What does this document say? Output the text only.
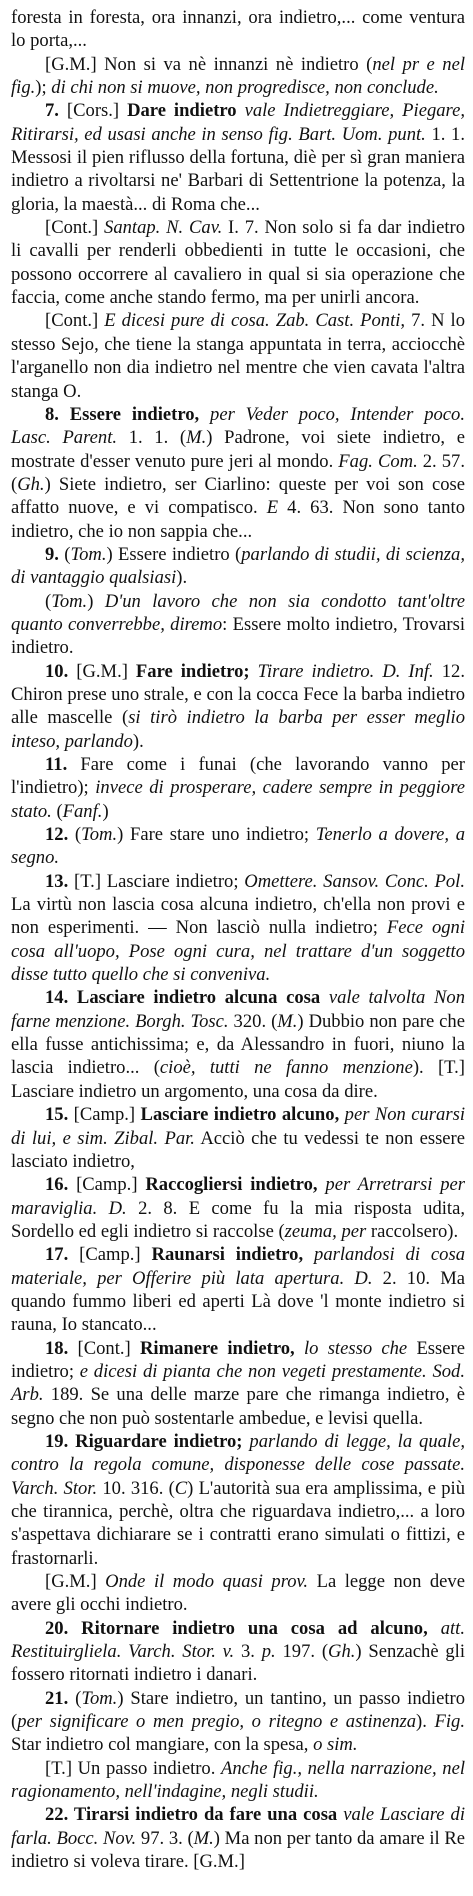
foresta in foresta, ora innanzi, ora indietro,... come ventura lo porta,...

[G.M.] Non si va nè innanzi nè indietro (nel pr e nel fig.); di chi non si muove, non progredisce, non conclude.

7. [Cors.] Dare indietro vale Indietreggiare, Piegare, Ritirarsi, ed usasi anche in senso fig. Bart. Uom. punt. 1. 1. Messosi il pien riflusso della fortuna, diè per sì gran maniera indietro a rivoltarsi ne' Barbari di Settentrione la potenza, la gloria, la maestà... di Roma che...

[Cont.] Santap. N. Cav. I. 7. Non solo si fa dar indietro li cavalli per renderli obbedienti in tutte le occasioni, che possono occorrere al cavaliero in qual si sia operazione che faccia, come anche stando fermo, ma per unirli ancora.

[Cont.] E dicesi pure di cosa. Zab. Cast. Ponti, 7. N lo stesso Sejo, che tiene la stanga appuntata in terra, acciocchè l'arganello non dia indietro nel mentre che vien cavata l'altra stanga O.

8. Essere indietro, per Veder poco, Intender poco. Lasc. Parent. 1. 1. (M.) Padrone, voi siete indietro, e mostrate d'esser venuto pure jeri al mondo. Fag. Com. 2. 57. (Gh.) Siete indietro, ser Ciarlino: queste per voi son cose affatto nuove, e vi compatisco. E 4. 63. Non sono tanto indietro, che io non sappia che...

9. (Tom.) Essere indietro (parlando di studii, di scienza, di vantaggio qualsiasi).

(Tom.) D'un lavoro che non sia condotto tant'oltre quanto converrebbe, diremo: Essere molto indietro, Trovarsi indietro.

10. [G.M.] Fare indietro; Tirare indietro. D. Inf. 12. Chiron prese uno strale, e con la cocca Fece la barba indietro alle mascelle (si tirò indietro la barba per esser meglio inteso, parlando).

11. Fare come i funai (che lavorando vanno per l'indietro); invece di prosperare, cadere sempre in peggiore stato. (Fanf.)

12. (Tom.) Fare stare uno indietro; Tenerlo a dovere, a segno.

13. [T.] Lasciare indietro; Omettere. Sansov. Conc. Pol. La virtù non lascia cosa alcuna indietro, ch'ella non provi e non esperimenti. — Non lasciò nulla indietro; Fece ogni cosa all'uopo, Pose ogni cura, nel trattare d'un soggetto disse tutto quello che si conveniva.

14. Lasciare indietro alcuna cosa vale talvolta Non farne menzione. Borgh. Tosc. 320. (M.) Dubbio non pare che ella fusse antichissima; e, da Alessandro in fuori, niuno la lascia indietro... (cioè, tutti ne fanno menzione). [T.] Lasciare indietro un argomento, una cosa da dire.

15. [Camp.] Lasciare indietro alcuno, per Non curarsi di lui, e sim. Zibal. Par. Acciò che tu vedessi te non essere lasciato indietro,

16. [Camp.] Raccogliersi indietro, per Arretrarsi per maraviglia. D. 2. 8. E come fu la mia risposta udita, Sordello ed egli indietro si raccolse (zeuma, per raccolsero).

17. [Camp.] Raunarsi indietro, parlandosi di cosa materiale, per Offerire più lata apertura. D. 2. 10. Ma quando fummo liberi ed aperti Là dove 'l monte indietro si rauna, Io stancato...

18. [Cont.] Rimanere indietro, lo stesso che Essere indietro; e dicesi di pianta che non vegeti prestamente. Sod. Arb. 189. Se una delle marze pare che rimanga indietro, è segno che non può sostentarle ambedue, e levisi quella.

19. Riguardare indietro; parlando di legge, la quale, contro la regola comune, disponesse delle cose passate. Varch. Stor. 10. 316. (C) L'autorità sua era amplissima, e più che tirannica, perchè, oltra che riguardava indietro,... a loro s'aspettava dichiarare se i contratti erano simulati o fittizi, e frastornarli.

[G.M.] Onde il modo quasi prov. La legge non deve avere gli occhi indietro.

20. Ritornare indietro una cosa ad alcuno, att. Restituirgliela. Varch. Stor. v. 3. p. 197. (Gh.) Senzachè gli fossero ritornati indietro i danari.

21. (Tom.) Stare indietro, un tantino, un passo indietro (per significare o men pregio, o ritegno e astinenza). Fig. Star indietro col mangiare, con la spesa, o sim.

[T.] Un passo indietro. Anche fig., nella narrazione, nel ragionamento, nell'indagine, negli studii.

22. Tirarsi indietro da fare una cosa vale Lasciare di farla. Bocc. Nov. 97. 3. (M.) Ma non per tanto da amare il Re indietro si voleva tirare. [G.M.]
